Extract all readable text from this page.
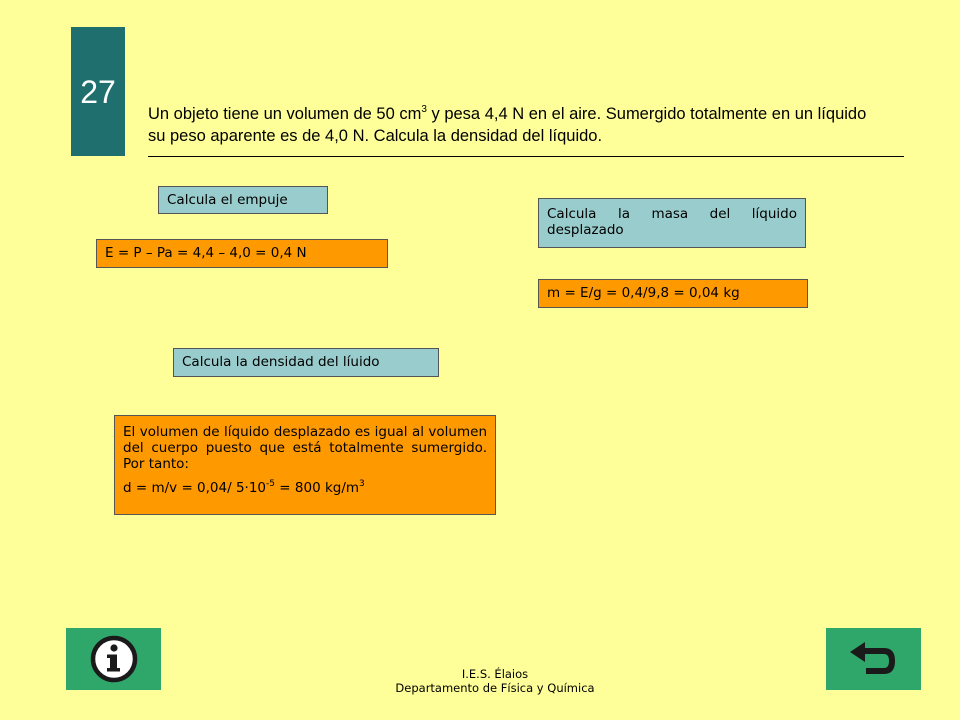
27
Un objeto tiene un volumen de 50 $cm^3$ y pesa 4,4 N en el aire. Sumergido totalmente en un líquido su peso aparente es de 4,0 N. Calcula la densidad del líquido.
Calcula el empuje
E = P – Pa = 4,4 – 4,0 = 0,4 N
Calcula la masa del líquido desplazado
m = E/g = 0,4/9,8 = 0,04 kg
Calcula la densidad del líuido

El volumen de líquido desplazado es igual al volumen del cuerpo puesto que está totalmente sumergido. Por tanto:

d = m/v = 0,04/ $5\cdot 10^{-5} = 800$ $kg/m^3$

I.E.S. Élaios
Departamento de Física y Química
